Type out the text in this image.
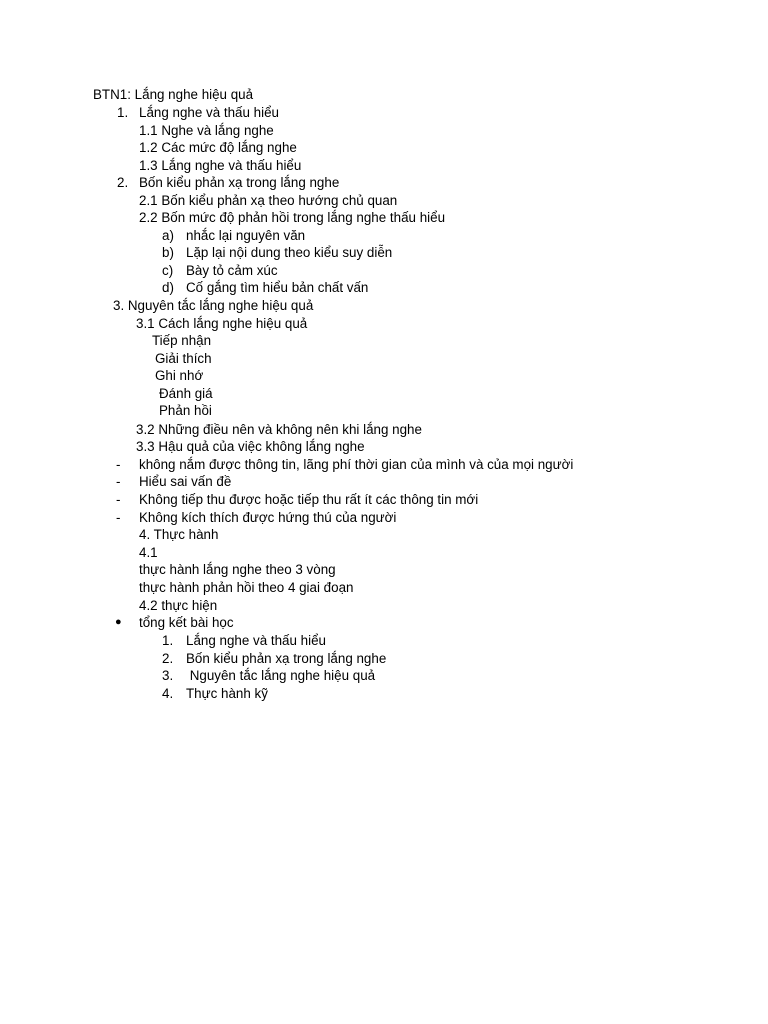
BTN1: Lắng nghe hiệu quả
1. Lắng nghe và thấu hiểu
1.1 Nghe và lắng nghe
1.2 Các mức độ lắng nghe
1.3 Lắng nghe và thấu hiểu
2. Bốn kiểu phản xạ trong lắng nghe
2.1 Bốn kiểu phản xạ theo hướng chủ quan
2.2 Bốn mức độ phản hồi trong lắng nghe thấu hiểu
a) nhắc lại nguyên văn
b) Lặp lại nội dung theo kiểu suy diễn
c) Bày tỏ cảm xúc
d) Cố gắng tìm hiểu bản chất vấn
3. Nguyên tắc lắng nghe hiệu quả
3.1 Cách lắng nghe hiệu quả
Tiếp nhận
Giải thích
Ghi nhớ
Đánh giá
Phản hồi
3.2 Những điều nên và không nên khi lắng nghe
3.3 Hậu quả của việc không lắng nghe
- không nắm được thông tin, lãng phí thời gian của mình và của mọi người
- Hiểu sai vấn đề
- Không tiếp thu được hoặc tiếp thu rất ít các thông tin mới
- Không kích thích được hứng thú của người
4. Thực hành
4.1
thực hành lắng nghe theo 3 vòng
thực hành phản hồi theo 4 giai đoạn
4.2 thực hiện
● tổng kết bài học
1. Lắng nghe và thấu hiểu
2. Bốn kiểu phản xạ trong lắng nghe
3. Nguyên tắc lắng nghe hiệu quả
4. Thực hành kỹ
